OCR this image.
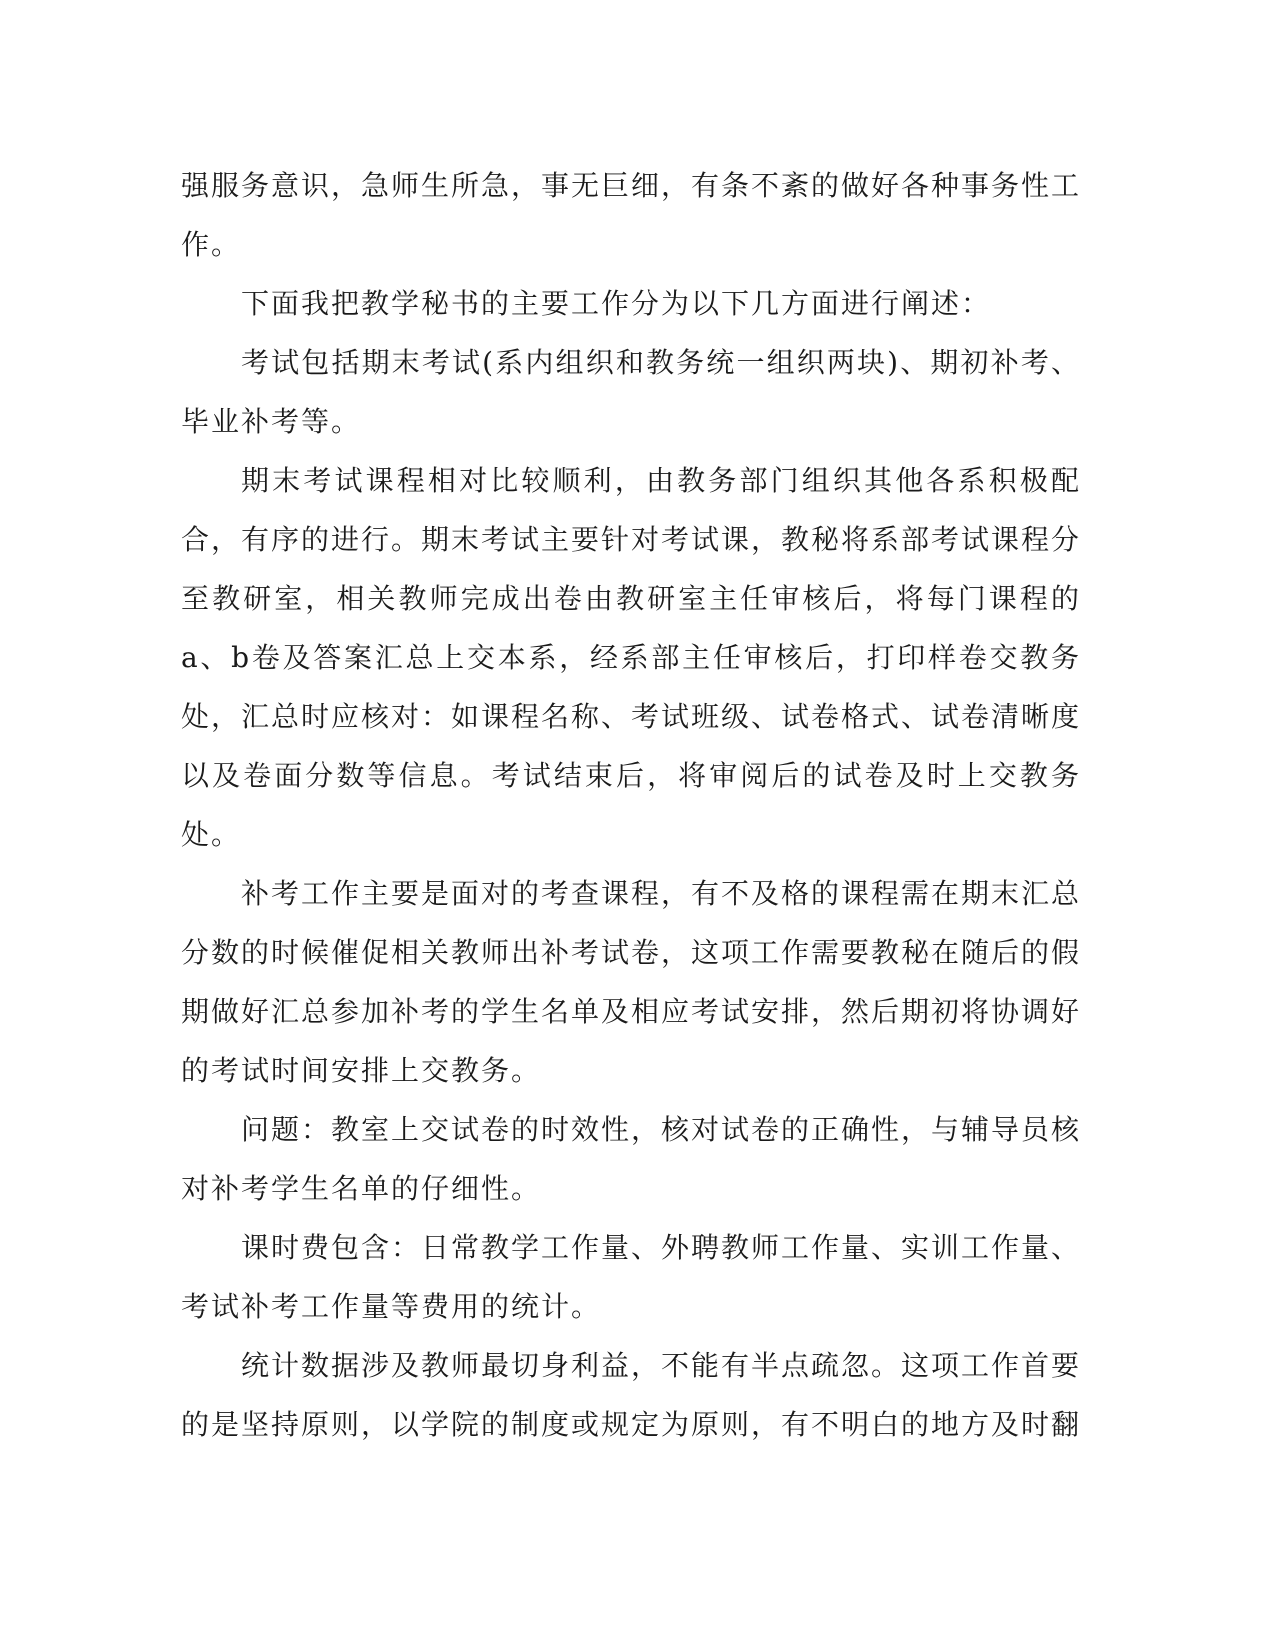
强服务意识，急师生所急，事无巨细，有条不紊的做好各种事务性工作。

下面我把教学秘书的主要工作分为以下几方面进行阐述：

考试包括期末考试(系内组织和教务统一组织两块)、期初补考、毕业补考等。

期末考试课程相对比较顺利，由教务部门组织其他各系积极配合，有序的进行。期末考试主要针对考试课，教秘将系部考试课程分至教研室，相关教师完成出卷由教研室主任审核后，将每门课程的a、b卷及答案汇总上交本系，经系部主任审核后，打印样卷交教务处，汇总时应核对：如课程名称、考试班级、试卷格式、试卷清晰度以及卷面分数等信息。考试结束后，将审阅后的试卷及时上交教务处。

补考工作主要是面对的考查课程，有不及格的课程需在期末汇总分数的时候催促相关教师出补考试卷，这项工作需要教秘在随后的假期做好汇总参加补考的学生名单及相应考试安排，然后期初将协调好的考试时间安排上交教务。

问题：教室上交试卷的时效性，核对试卷的正确性，与辅导员核对补考学生名单的仔细性。

课时费包含：日常教学工作量、外聘教师工作量、实训工作量、考试补考工作量等费用的统计。

统计数据涉及教师最切身利益，不能有半点疏忽。这项工作首要的是坚持原则，以学院的制度或规定为原则，有不明白的地方及时翻
